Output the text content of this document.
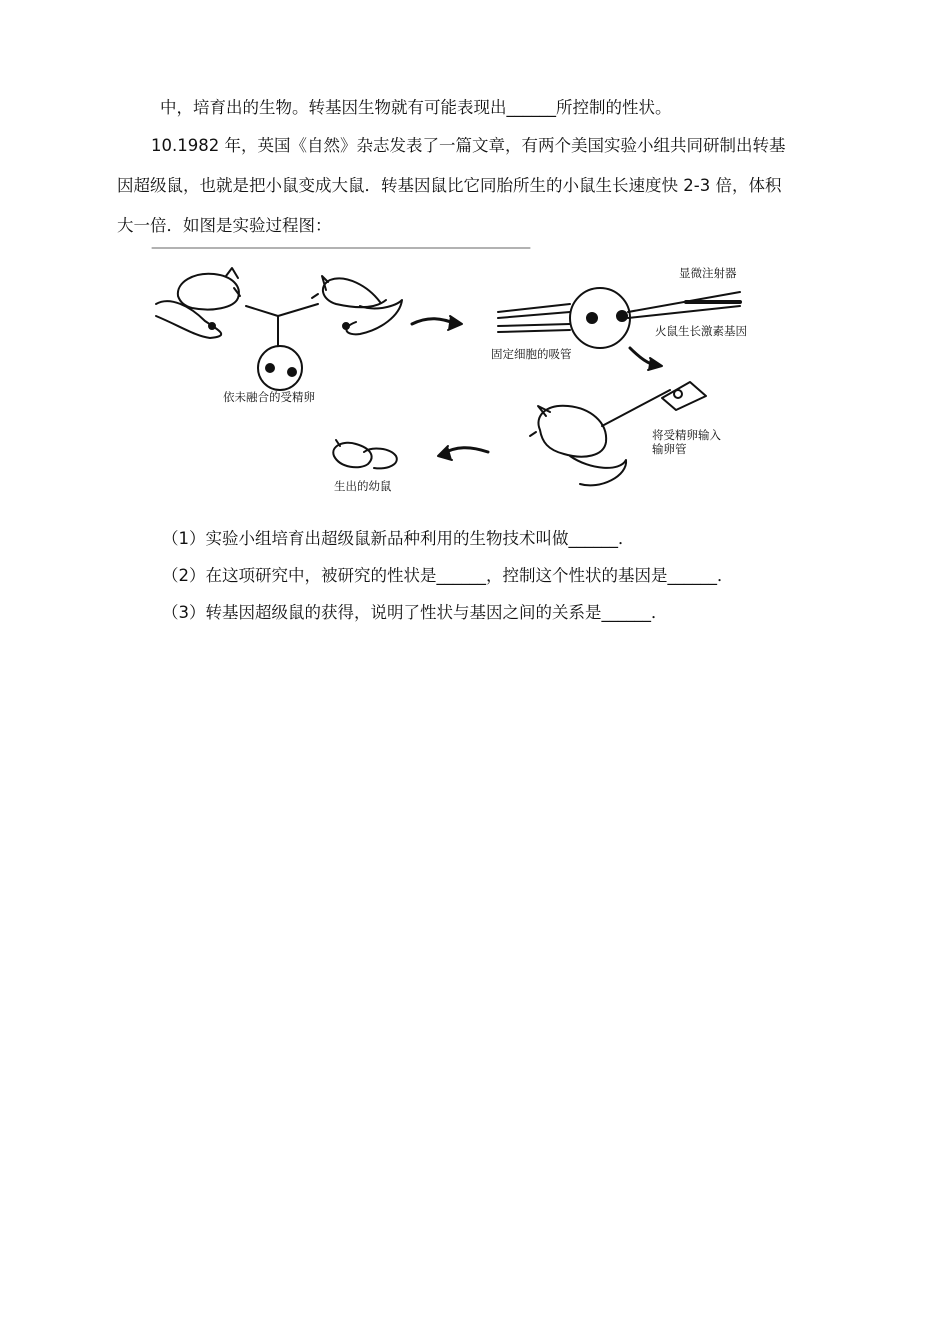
中，培育出的生物。转基因生物就有可能表现出______所控制的性状。
10.1982 年，英国《自然》杂志发表了一篇文章，有两个美国实验小组共同研制出转基
因超级鼠，也就是把小鼠变成大鼠．转基因鼠比它同胎所生的小鼠生长速度快 2-3 倍，体积
大一倍．如图是实验过程图：
依未融合的受精卵
显微注射器
火鼠生长激素基因
固定细胞的吸管
将受精卵输入输卵管
生出的幼鼠
（1）实验小组培育出超级鼠新品种利用的生物技术叫做______．
（2）在这项研究中，被研究的性状是______，控制这个性状的基因是______．
（3）转基因超级鼠的获得，说明了性状与基因之间的关系是______．
